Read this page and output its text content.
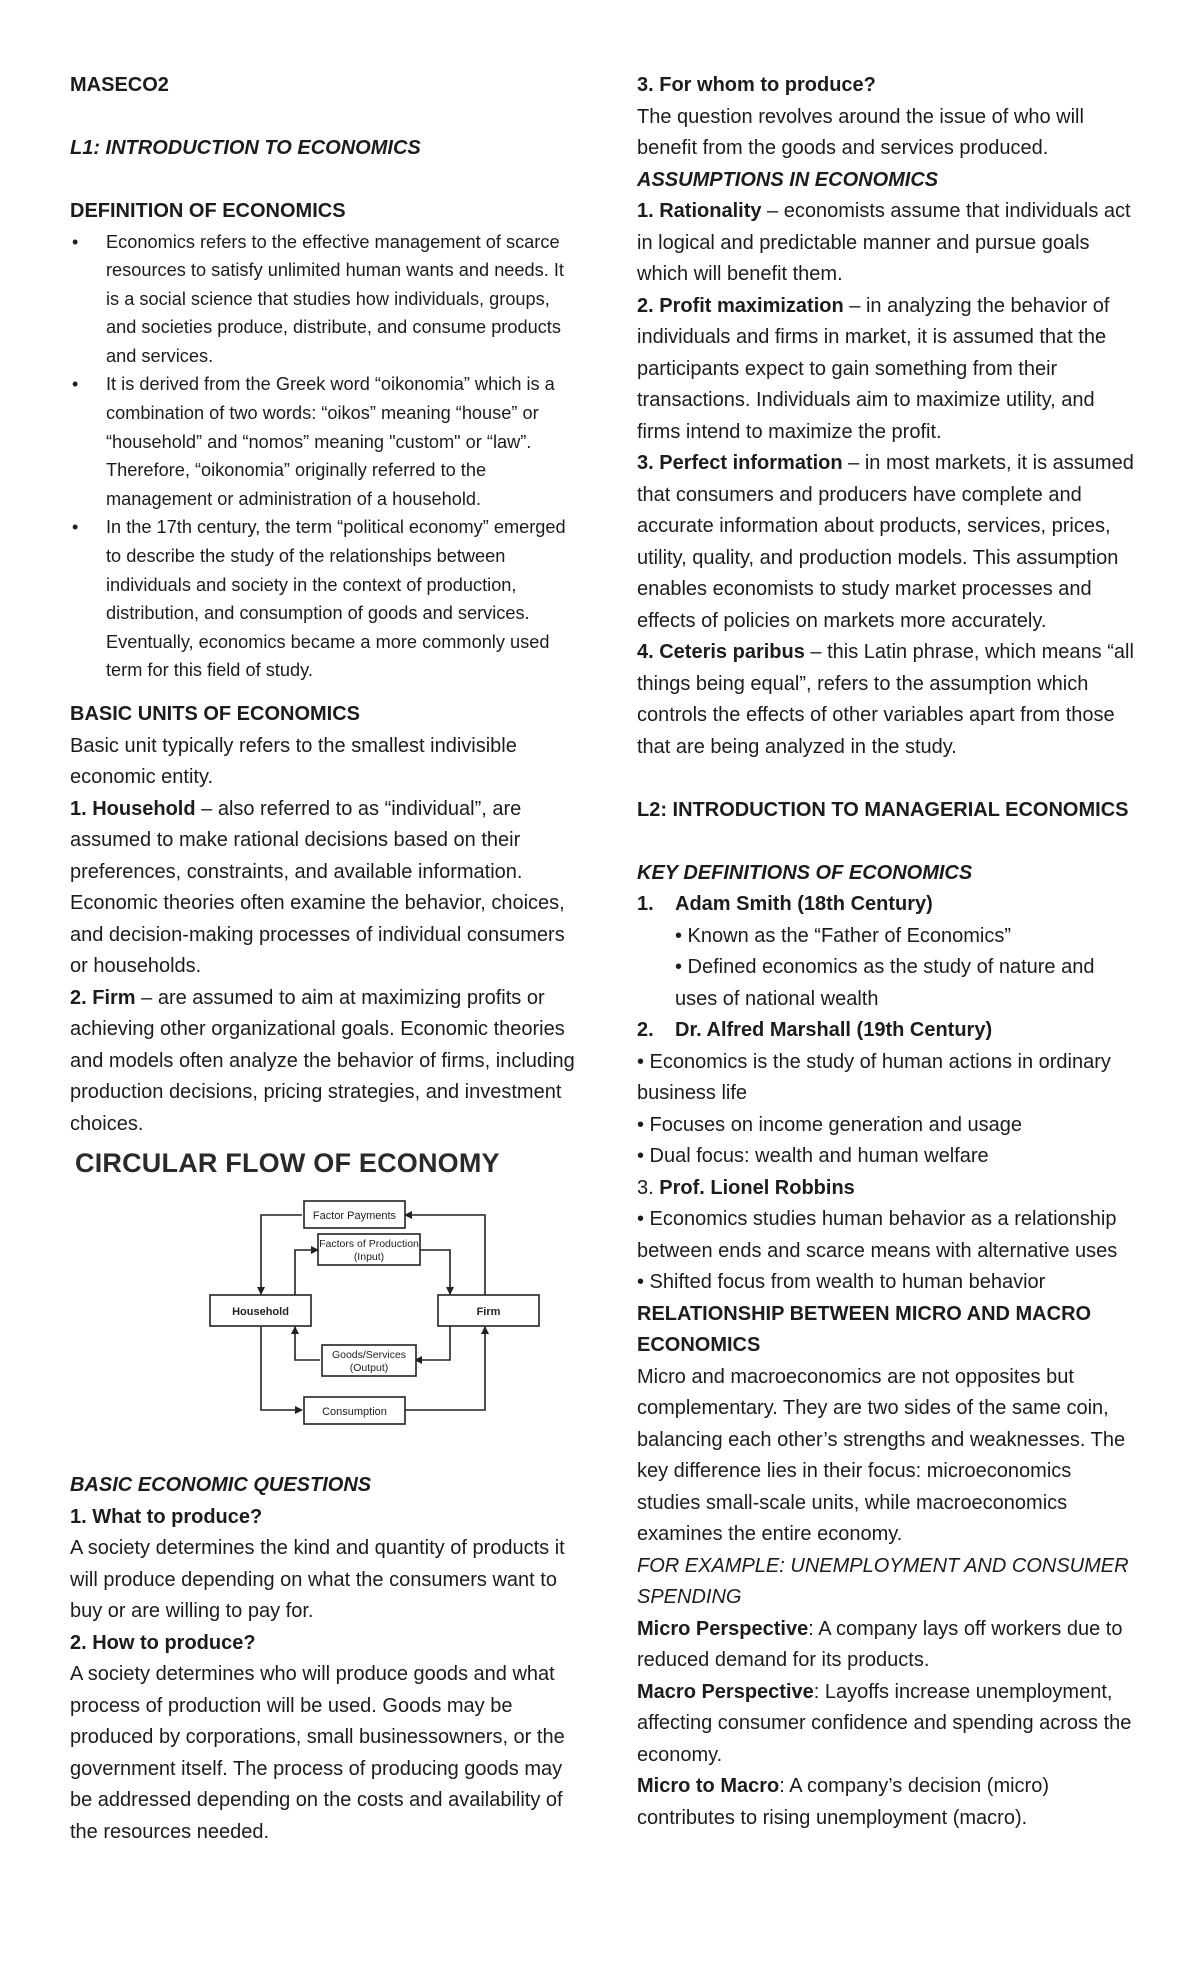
MASECO2

L1: INTRODUCTION TO ECONOMICS

DEFINITION OF ECONOMICS

• Economics refers to the effective management of scarce resources to satisfy unlimited human wants and needs. It is a social science that studies how individuals, groups, and societies produce, distribute, and consume products and services.
• It is derived from the Greek word “oikonomia” which is a combination of two words: “oikos” meaning “house” or “household” and “nomos” meaning "custom" or “law”. Therefore, “oikonomia” originally referred to the management or administration of a household.
• In the 17th century, the term “political economy” emerged to describe the study of the relationships between individuals and society in the context of production, distribution, and consumption of goods and services. Eventually, economics became a more commonly used term for this field of study.

BASIC UNITS OF ECONOMICS

Basic unit typically refers to the smallest indivisible economic entity.

1. Household – also referred to as “individual”, are assumed to make rational decisions based on their preferences, constraints, and available information. Economic theories often examine the behavior, choices, and decision-making processes of individual consumers or households.

2. Firm – are assumed to aim at maximizing profits or achieving other organizational goals. Economic theories and models often analyze the behavior of firms, including production decisions, pricing strategies, and investment choices.

CIRCULAR FLOW OF ECONOMY
Factor Payments
Factors of Production
(Input)
Household	Firm
Goods/Services
(Output)
Consumption

BASIC ECONOMIC QUESTIONS

1. What to produce?

A society determines the kind and quantity of products it will produce depending on what the consumers want to buy or are willing to pay for.

2. How to produce?

A society determines who will produce goods and what process of production will be used. Goods may be produced by corporations, small businessowners, or the government itself. The process of producing goods may be addressed depending on the costs and availability of the resources needed.

3. For whom to produce?

The question revolves around the issue of who will benefit from the goods and services produced.

ASSUMPTIONS IN ECONOMICS

1. Rationality – economists assume that individuals act in logical and predictable manner and pursue goals which will benefit them.

2. Profit maximization – in analyzing the behavior of individuals and firms in market, it is assumed that the participants expect to gain something from their transactions. Individuals aim to maximize utility, and firms intend to maximize the profit.

3. Perfect information – in most markets, it is assumed that consumers and producers have complete and accurate information about products, services, prices, utility, quality, and production models. This assumption enables economists to study market processes and effects of policies on markets more accurately.

4. Ceteris paribus – this Latin phrase, which means “all things being equal”, refers to the assumption which controls the effects of other variables apart from those that are being analyzed in the study.

L2: INTRODUCTION TO MANAGERIAL ECONOMICS

KEY DEFINITIONS OF ECONOMICS

1. Adam Smith (18th Century)

• Known as the “Father of Economics”

• Defined economics as the study of nature and uses of national wealth

2. Dr. Alfred Marshall (19th Century)

• Economics is the study of human actions in ordinary business life

• Focuses on income generation and usage

• Dual focus: wealth and human welfare

3. Prof. Lionel Robbins

• Economics studies human behavior as a relationship between ends and scarce means with alternative uses

• Shifted focus from wealth to human behavior

RELATIONSHIP BETWEEN MICRO AND MACRO ECONOMICS

Micro and macroeconomics are not opposites but complementary. They are two sides of the same coin, balancing each other’s strengths and weaknesses. The key difference lies in their focus: microeconomics studies small-scale units, while macroeconomics examines the entire economy.

FOR EXAMPLE: UNEMPLOYMENT AND CONSUMER SPENDING

Micro Perspective: A company lays off workers due to reduced demand for its products.

Macro Perspective: Layoffs increase unemployment, affecting consumer confidence and spending across the economy.

Micro to Macro: A company’s decision (micro) contributes to rising unemployment (macro).
